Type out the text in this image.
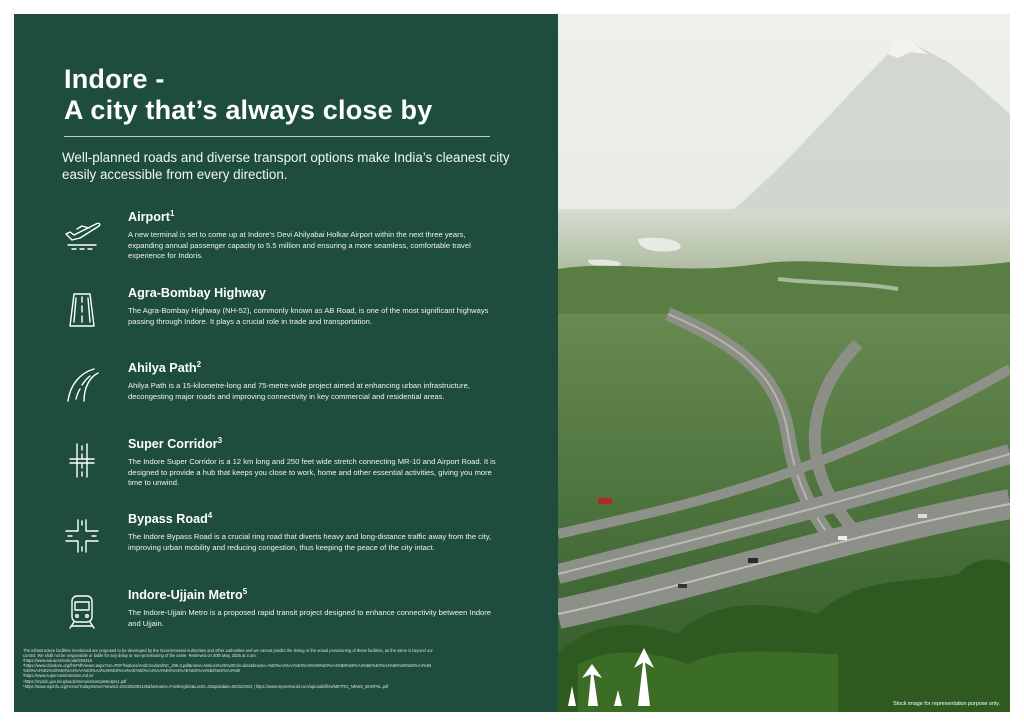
Indore -
A city that’s always close by

Well-planned roads and diverse transport options make India’s cleanest city easily accessible from every direction.

Airport$^1$

A new terminal is set to come up at Indore’s Devi Ahilyabai Holkar Airport within the next three years, expanding annual passenger capacity to 5.5 million and ensuring a more seamless, comfortable travel experience for Indoris.

Agra-Bombay Highway

The Agra-Bombay Highway (NH-52), commonly known as AB Road, is one of the most significant highways passing through Indore. It plays a crucial role in trade and transportation.

Ahilya Path$^2$

Ahilya Path is a 15-kilometre-long and 75-metre-wide project aimed at enhancing urban infrastructure, decongesting major roads and improving connectivity in key commercial and residential areas.

Super Corridor$^3$

The Indore Super Corridor is a 12 km long and 250 feet wide stretch connecting MR-10 and Airport Road. It is designed to provide a hub that keeps you close to work, home and other essential activities, giving you more time to unwind.

Bypass Road$^4$

The Indore Bypass Road is a crucial ring road that diverts heavy and long-distance traffic away from the city, improving urban mobility and reducing congestion, thus keeping the peace of the city intact.

Indore-Ujjain Metro$^5$

The Indore-Ujjain Metro is a proposed rapid transit project designed to enhance connectivity between Indore and Ujjain.

The infrastructure facilities mentioned are proposed to be developed by the Governmental Authorities and other authorities and we cannot predict the timing or the actual provisioning of these facilities, as the same is beyond our
control. We shall not be responsible or liable for any delay or non-provisioning of the same. Retrieved on 30th May, 2025 at 4 am.
¹https://www.aai.aero/en/node/394316
²https://www.cbindore.org/frmPdfViewer.aspx?src=PDF/Notices/AndCirculars/NC_286-2.pdf&name=Notices%26%20Circulars&hname=%E0%A4%AA%E0%A5%88%E0%A4%B8%E0%A4%BE%E0%A4%88%20%E0%A4%84
%E0%A4%B2%20%E0%A4%AA%E0%A4%A5%E0%A4%AE%E0%A4%AA%E0%A4%AE%E0%A4%B2%E0%A4%80
³https://www.superconidorindore.ind.in/
⁴https://mprdc.gov.in/uploads/menu/nbsompletedprs1.pdf
⁵https://www.mpinfo.org/Home/TodaysNews?newsid=20240523N136&fontname=FontEnglish&LocID=32&pubdate=06/22/2024 | https://www.mprnetrorail.com/uploads/files/METRO_NEWS_BHOPAL.pdf
Stock image for representation purpose only.
